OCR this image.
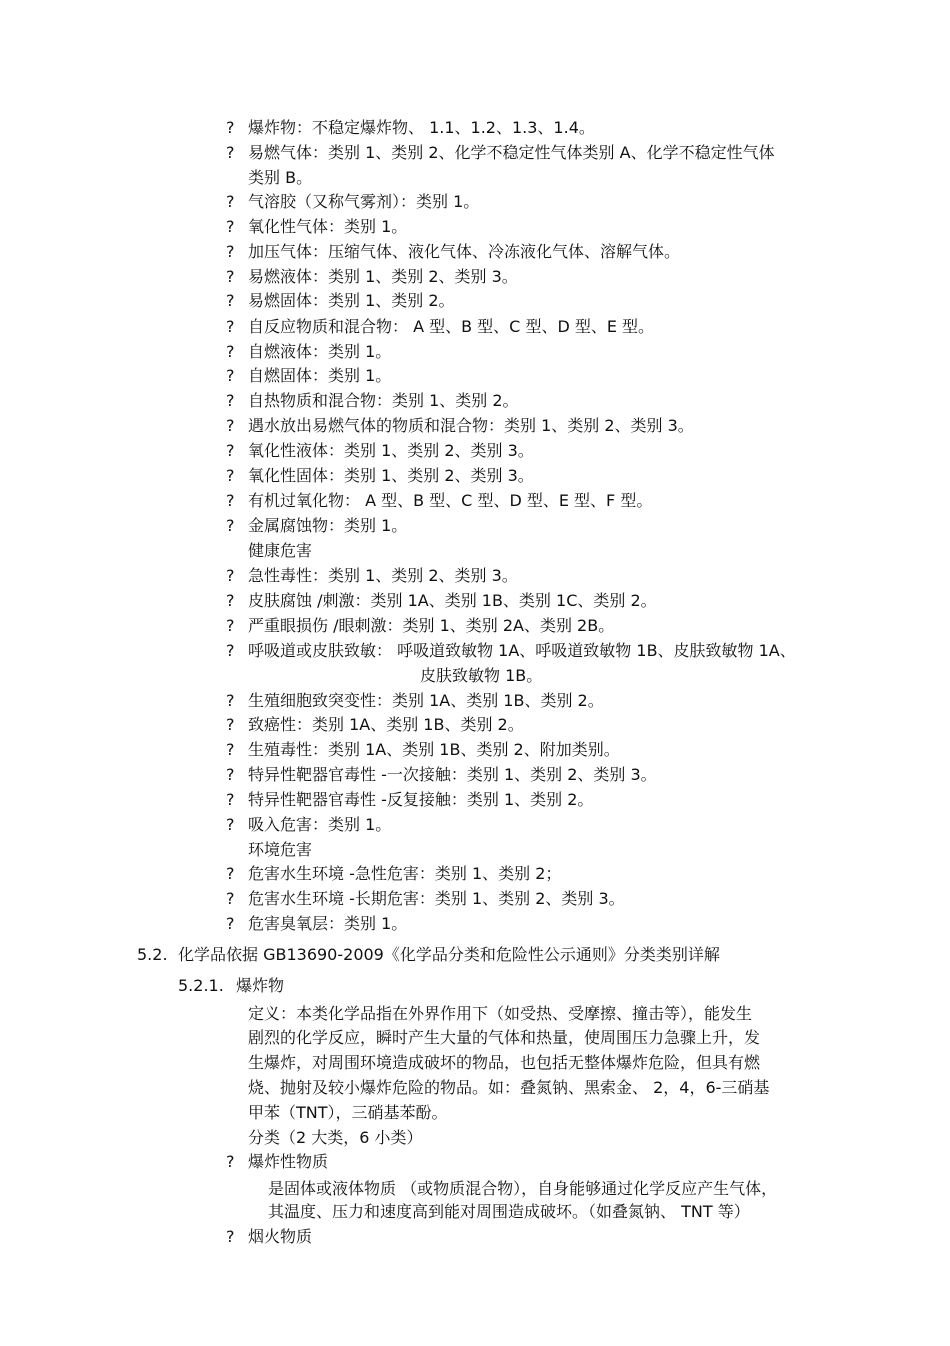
? 爆炸物：不稳定爆炸物、 1.1、1.2、1.3、1.4。
? 易燃气体：类别 1、类别 2、化学不稳定性气体类别 A、化学不稳定性气体
类别 B。
? 气溶胶（又称气雾剂）：类别 1。
? 氧化性气体：类别 1。
? 加压气体：压缩气体、液化气体、冷冻液化气体、溶解气体。
? 易燃液体：类别 1、类别 2、类别 3。
? 易燃固体：类别 1、类别 2。
? 自反应物质和混合物： A 型、B 型、C 型、D 型、E 型。
? 自燃液体：类别 1。
? 自燃固体：类别 1。
? 自热物质和混合物：类别 1、类别 2。
? 遇水放出易燃气体的物质和混合物：类别 1、类别 2、类别 3。
? 氧化性液体：类别 1、类别 2、类别 3。
? 氧化性固体：类别 1、类别 2、类别 3。
? 有机过氧化物： A 型、B 型、C 型、D 型、E 型、F 型。
? 金属腐蚀物：类别 1。
健康危害
? 急性毒性：类别 1、类别 2、类别 3。
? 皮肤腐蚀 /刺激：类别 1A、类别 1B、类别 1C、类别 2。
? 严重眼损伤 /眼刺激：类别 1、类别 2A、类别 2B。
? 呼吸道或皮肤致敏： 呼吸道致敏物 1A、呼吸道致敏物 1B、皮肤致敏物 1A、
皮肤致敏物 1B。
? 生殖细胞致突变性：类别 1A、类别 1B、类别 2。
? 致癌性：类别 1A、类别 1B、类别 2。
? 生殖毒性：类别 1A、类别 1B、类别 2、附加类别。
? 特异性靶器官毒性 -一次接触：类别 1、类别 2、类别 3。
? 特异性靶器官毒性 -反复接触：类别 1、类别 2。
? 吸入危害：类别 1。
环境危害
? 危害水生环境 -急性危害：类别 1、类别 2；
? 危害水生环境 -长期危害：类别 1、类别 2、类别 3。
? 危害臭氧层：类别 1。
5.2. 化学品依据 GB13690-2009《化学品分类和危险性公示通则》分类类别详解
5.2.1. 爆炸物
定义：本类化学品指在外界作用下（如受热、受摩擦、撞击等），能发生
剧烈的化学反应，瞬时产生大量的气体和热量，使周围压力急骤上升，发
生爆炸，对周围环境造成破坏的物品，也包括无整体爆炸危险，但具有燃
烧、抛射及较小爆炸危险的物品。如：叠氮钠、黑索金、 2，4，6-三硝基
甲苯（TNT），三硝基苯酚。
分类（2 大类，6 小类）
? 爆炸性物质
是固体或液体物质 （或物质混合物），自身能够通过化学反应产生气体，
其温度、压力和速度高到能对周围造成破坏。（如叠氮钠、 TNT 等）
? 烟火物质
